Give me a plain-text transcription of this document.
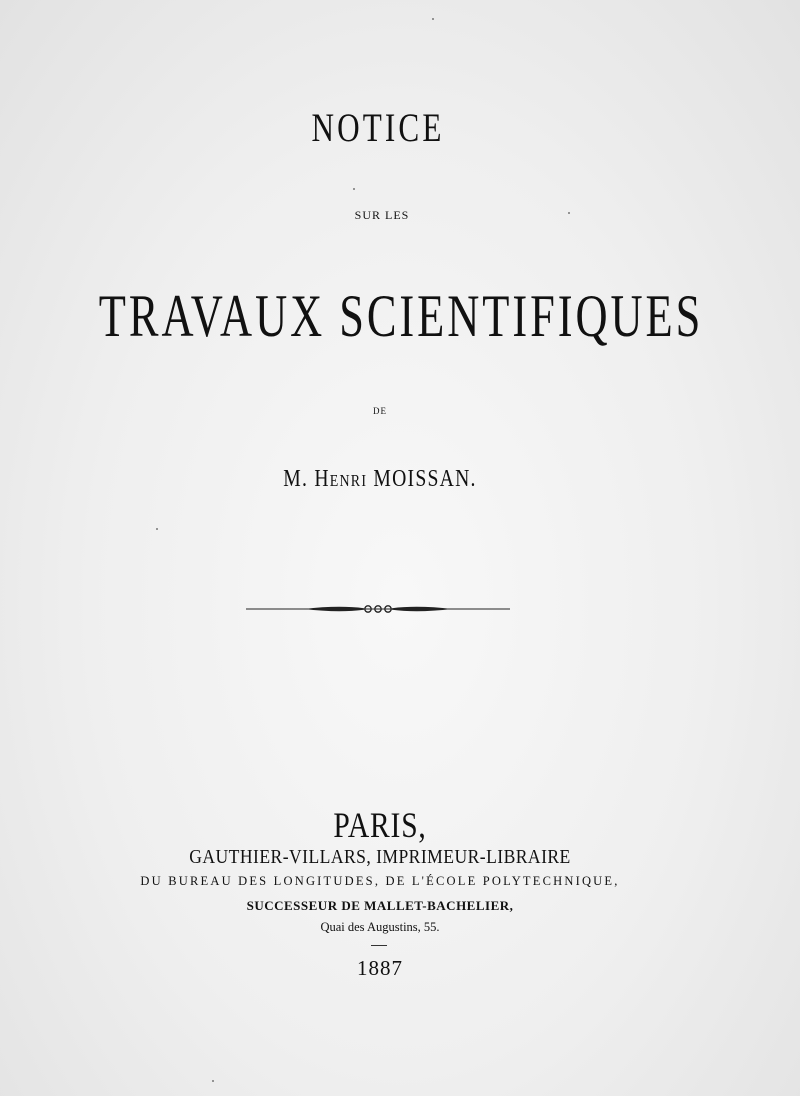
NOTICE
SUR LES
TRAVAUX SCIENTIFIQUES
DE
M. Henri MOISSAN.
PARIS,
GAUTHIER-VILLARS, IMPRIMEUR-LIBRAIRE
DU BUREAU DES LONGITUDES, DE L'ÉCOLE POLYTECHNIQUE,
SUCCESSEUR DE MALLET-BACHELIER,
Quai des Augustins, 55.
1887
